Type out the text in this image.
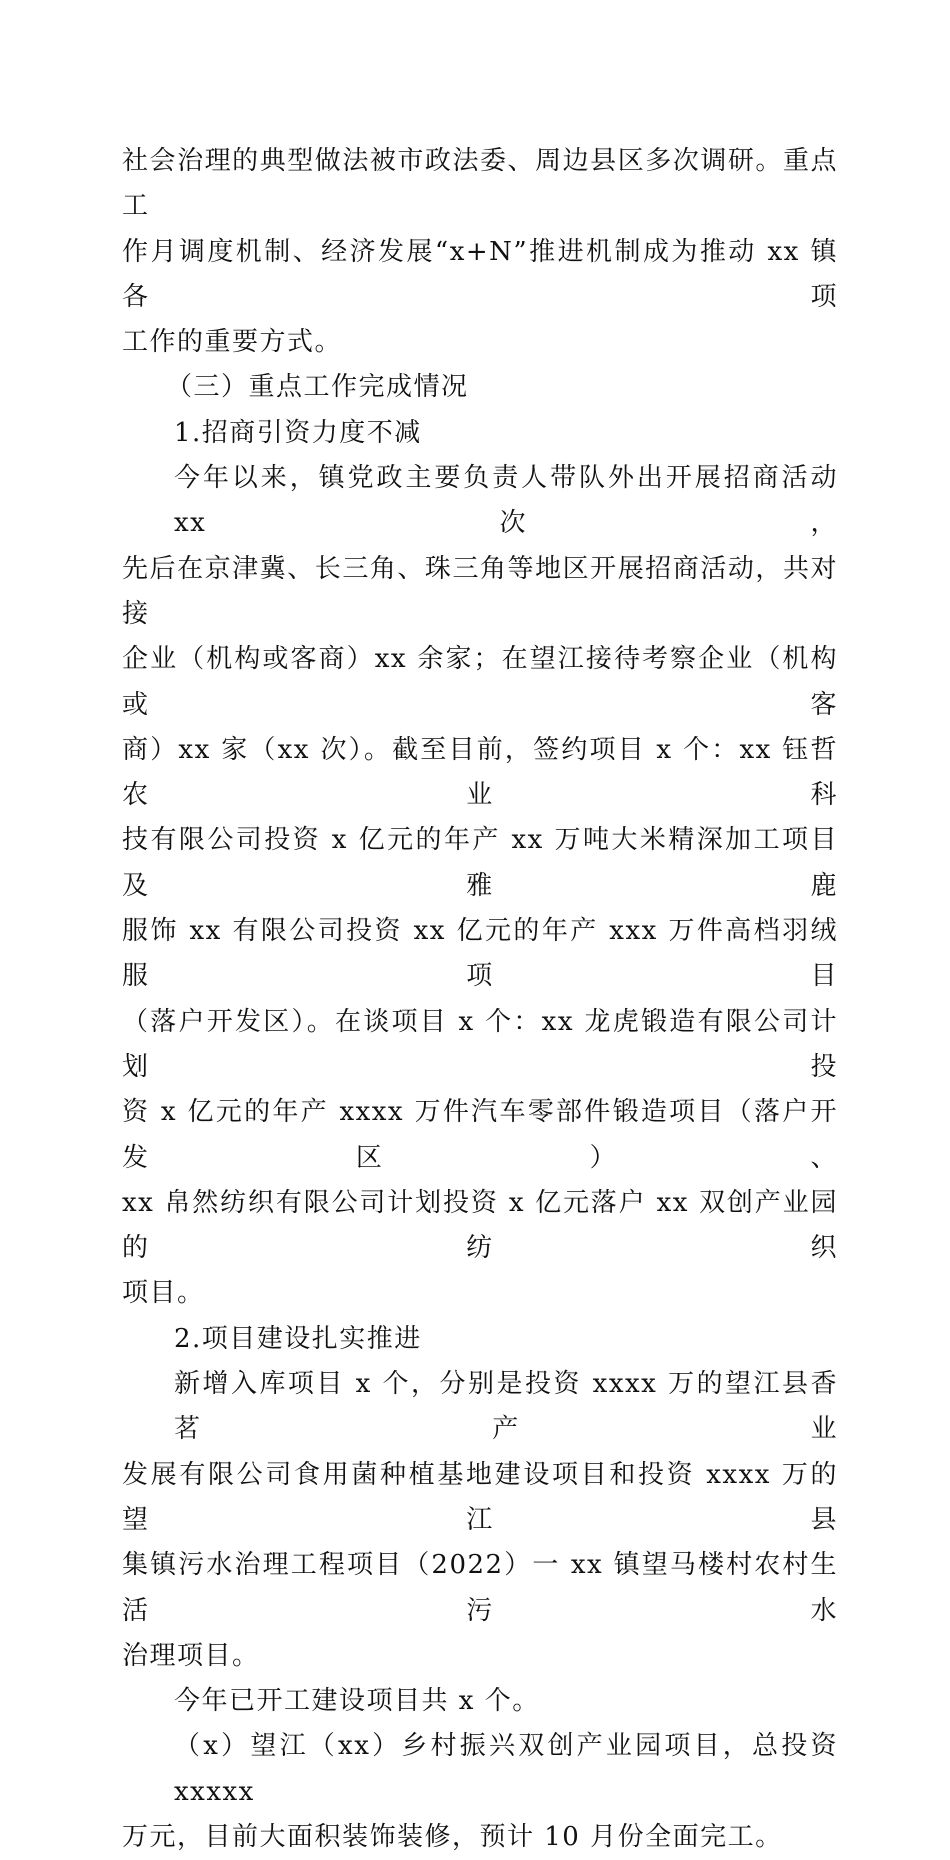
社会治理的典型做法被市政法委、周边县区多次调研。重点工
作月调度机制、经济发展“x+N”推进机制成为推动 xx 镇各项
工作的重要方式。
（三）重点工作完成情况
1.招商引资力度不减
今年以来，镇党政主要负责人带队外出开展招商活动 xx 次，
先后在京津冀、长三角、珠三角等地区开展招商活动，共对接
企业（机构或客商）xx 余家；在望江接待考察企业（机构或客
商）xx 家（xx 次）。截至目前，签约项目 x 个：xx 钰哲农业科
技有限公司投资 x 亿元的年产 xx 万吨大米精深加工项目及雅鹿
服饰 xx 有限公司投资 xx 亿元的年产 xxx 万件高档羽绒服项目
（落户开发区）。在谈项目 x 个：xx 龙虎锻造有限公司计划投
资 x 亿元的年产 xxxx 万件汽车零部件锻造项目（落户开发区）、
xx 帛然纺织有限公司计划投资 x 亿元落户 xx 双创产业园的纺织
项目。
2.项目建设扎实推进
新增入库项目 x 个，分别是投资 xxxx 万的望江县香茗产业
发展有限公司食用菌种植基地建设项目和投资 xxxx 万的望江县
集镇污水治理工程项目（2022）一 xx 镇望马楼村农村生活污水
治理项目。
今年已开工建设项目共 x 个。
（x）望江（xx）乡村振兴双创产业园项目，总投资 xxxxx
万元，目前大面积装饰装修，预计 10 月份全面完工。
